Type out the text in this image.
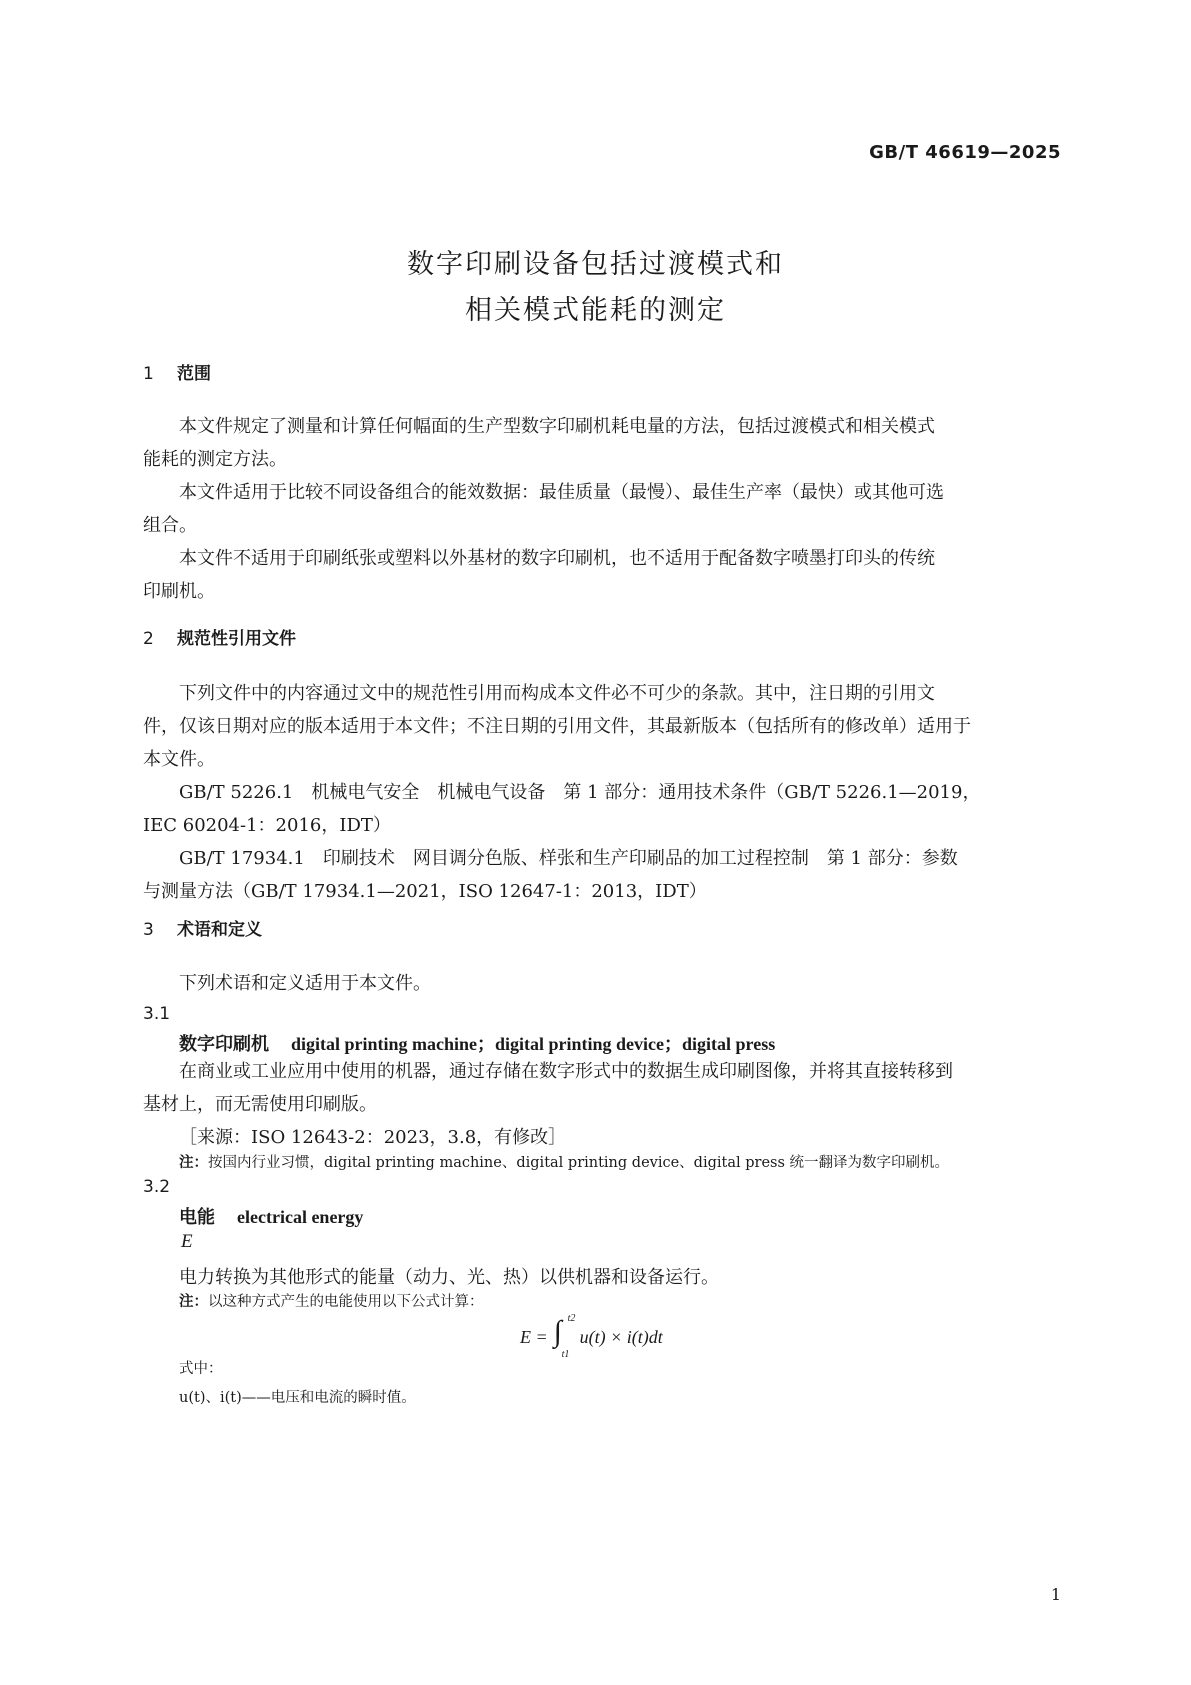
GB/T 46619—2025
数字印刷设备包括过渡模式和
相关模式能耗的测定
1 范围
本文件规定了测量和计算任何幅面的生产型数字印刷机耗电量的方法，包括过渡模式和相关模式
能耗的测定方法。
本文件适用于比较不同设备组合的能效数据：最佳质量（最慢）、最佳生产率（最快）或其他可选
组合。
本文件不适用于印刷纸张或塑料以外基材的数字印刷机，也不适用于配备数字喷墨打印头的传统
印刷机。
2 规范性引用文件
下列文件中的内容通过文中的规范性引用而构成本文件必不可少的条款。其中，注日期的引用文
件，仅该日期对应的版本适用于本文件；不注日期的引用文件，其最新版本（包括所有的修改单）适用于
本文件。
GB/T 5226.1　机械电气安全　机械电气设备　第 1 部分：通用技术条件（GB/T 5226.1—2019，
IEC 60204-1：2016，IDT）
GB/T 17934.1　印刷技术　网目调分色版、样张和生产印刷品的加工过程控制　第 1 部分：参数
与测量方法（GB/T 17934.1—2021，ISO 12647-1：2013，IDT）
3 术语和定义
下列术语和定义适用于本文件。
3.1
数字印刷机 digital printing machine；digital printing device；digital press
在商业或工业应用中使用的机器，通过存储在数字形式中的数据生成印刷图像，并将其直接转移到
基材上，而无需使用印刷版。
［来源：ISO 12643-2：2023，3.8，有修改］
注：按国内行业习惯，digital printing machine、digital printing device、digital press 统一翻译为数字印刷机。
3.2
电能 electrical energy
E
电力转换为其他形式的能量（动力、光、热）以供机器和设备运行。
注：以这种方式产生的电能使用以下公式计算：
E = ∫ t2
t1
u(t) × i(t)dt
式中：
u(t)、i(t)——电压和电流的瞬时值。
1
